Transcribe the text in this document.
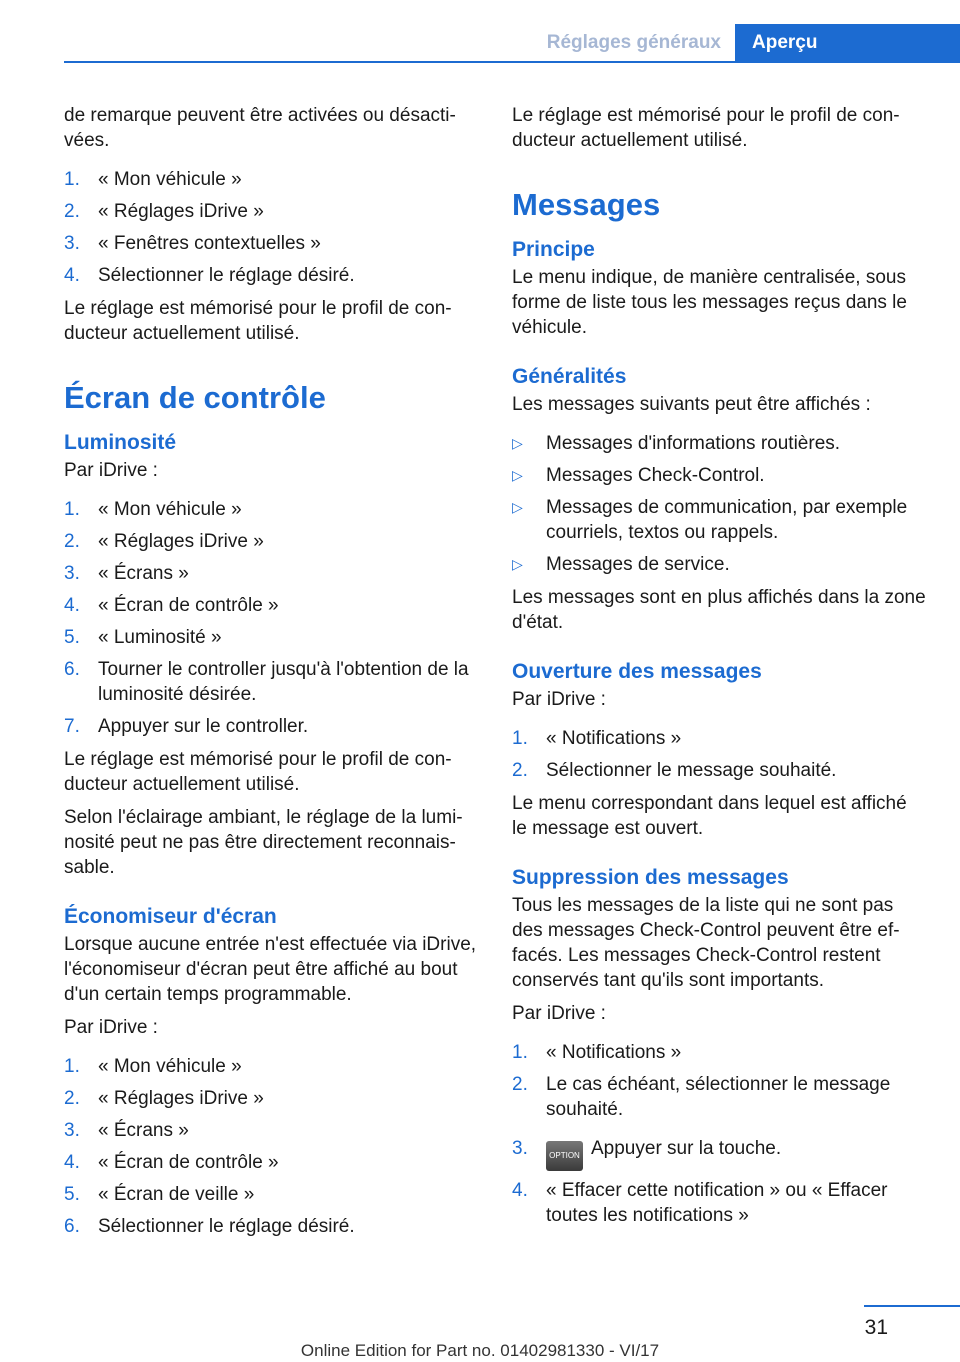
Réglages généraux	Aperçu

de remarque peuvent être activées ou désacti-vées.

1. « Mon véhicule »
2. « Réglages iDrive »
3. « Fenêtres contextuelles »
4. Sélectionner le réglage désiré.

Le réglage est mémorisé pour le profil de con-ducteur actuellement utilisé.

Écran de contrôle
Luminosité

Par iDrive :

1. « Mon véhicule »
2. « Réglages iDrive »
3. « Écrans »
4. « Écran de contrôle »
5. « Luminosité »
6. Tourner le controller jusqu'à l'obtention de la luminosité désirée.
7. Appuyer sur le controller.

Le réglage est mémorisé pour le profil de con-ducteur actuellement utilisé.

Selon l'éclairage ambiant, le réglage de la lumi-nosité peut ne pas être directement reconnais-sable.

Économiseur d'écran

Lorsque aucune entrée n'est effectuée via iDrive, l'économiseur d'écran peut être affiché au bout d'un certain temps programmable.

Par iDrive :

1. « Mon véhicule »
2. « Réglages iDrive »
3. « Écrans »
4. « Écran de contrôle »
5. « Écran de veille »
6. Sélectionner le réglage désiré.

Le réglage est mémorisé pour le profil de con-ducteur actuellement utilisé.

Messages
Principe

Le menu indique, de manière centralisée, sous forme de liste tous les messages reçus dans le véhicule.

Généralités

Les messages suivants peut être affichés :

▷	Messages d'informations routières.
▷	Messages Check-Control.
▷	Messages de communication, par exemple courriels, textos ou rappels.
▷	Messages de service.

Les messages sont en plus affichés dans la zone d'état.

Ouverture des messages

Par iDrive :

1. « Notifications »
2. Sélectionner le message souhaité.

Le menu correspondant dans lequel est affiché le message est ouvert.

Suppression des messages

Tous les messages de la liste qui ne sont pas des messages Check-Control peuvent être ef-facés. Les messages Check-Control restent conservés tant qu'ils sont importants.

Par iDrive :

1. « Notifications »
2. Le cas échéant, sélectionner le message souhaité.
3.	OPTION Appuyer sur la touche.
4. « Effacer cette notification » ou « Effacer toutes les notifications »
31
Online Edition for Part no. 01402981330 - VI/17
